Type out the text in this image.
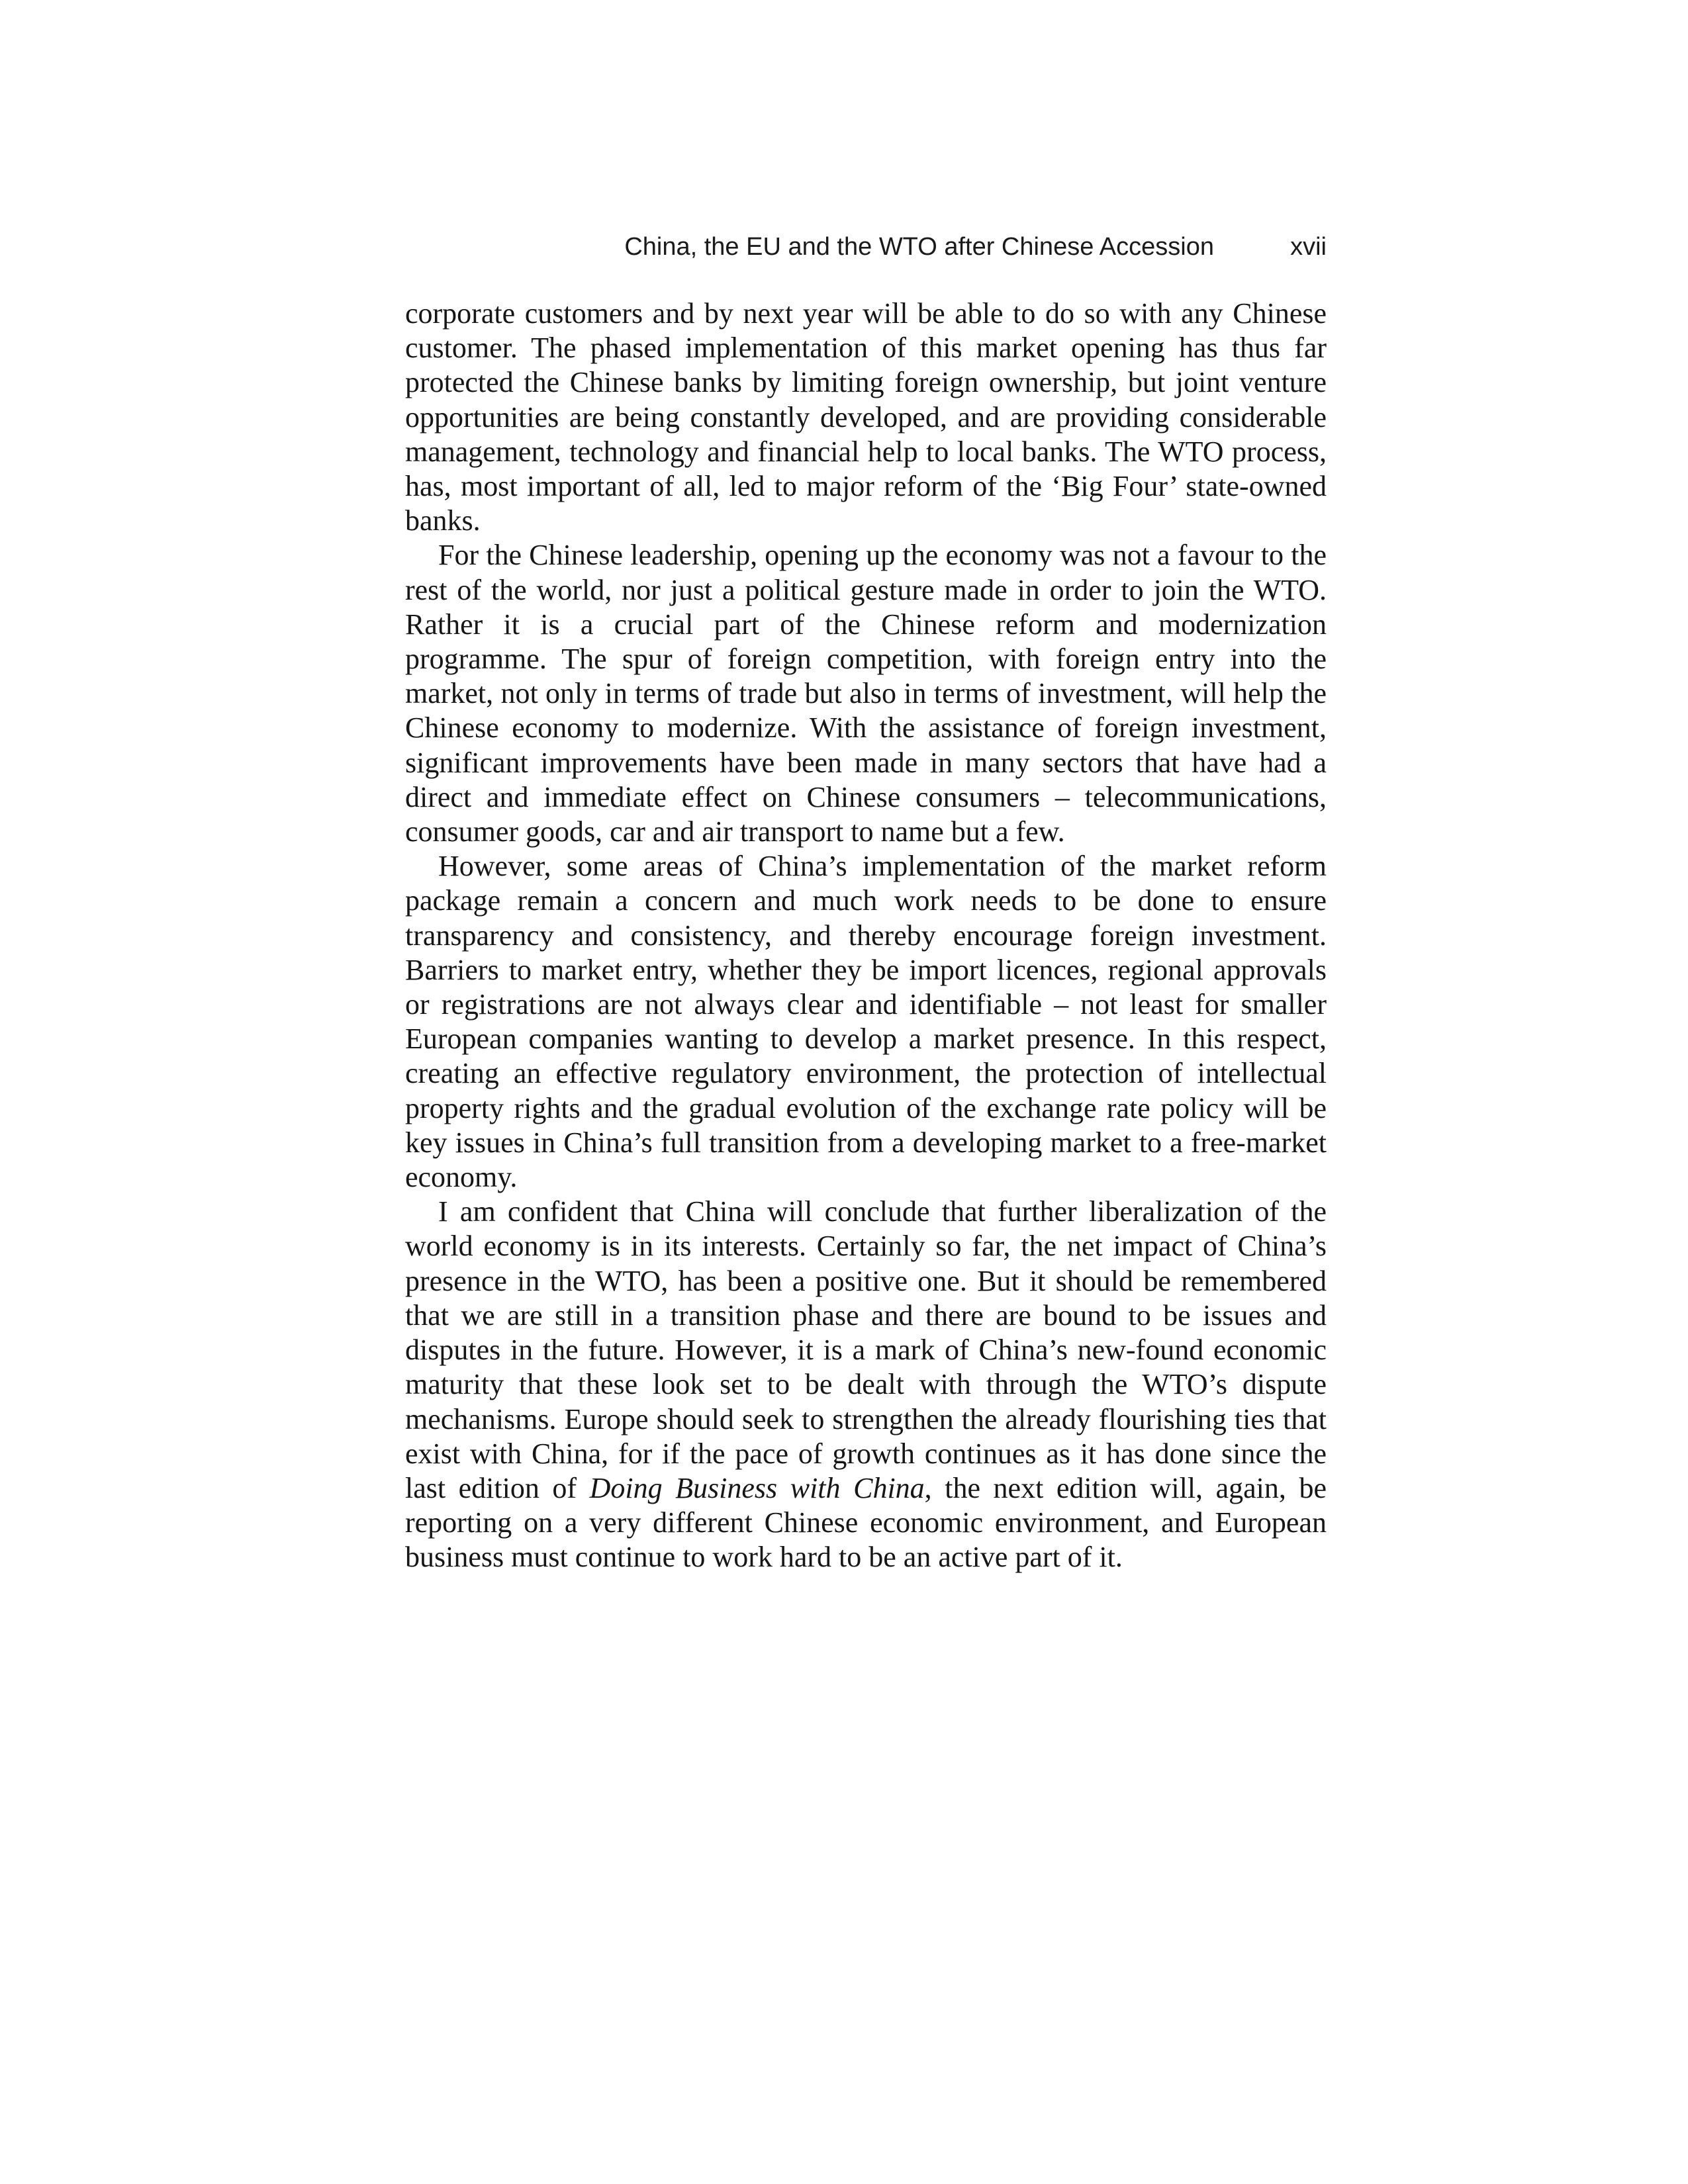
China, the EU and the WTO after Chinese Accession	xvii

corporate customers and by next year will be able to do so with any Chinese customer. The phased implementation of this market opening has thus far protected the Chinese banks by limiting foreign ownership, but joint venture opportunities are being constantly developed, and are providing considerable management, technology and financial help to local banks. The WTO process, has, most important of all, led to major reform of the ‘Big Four’ state-owned banks.

For the Chinese leadership, opening up the economy was not a favour to the rest of the world, nor just a political gesture made in order to join the WTO. Rather it is a crucial part of the Chinese reform and modernization programme. The spur of foreign competition, with foreign entry into the market, not only in terms of trade but also in terms of investment, will help the Chinese economy to modernize. With the assistance of foreign investment, significant improvements have been made in many sectors that have had a direct and immediate effect on Chinese consumers – telecommunications, consumer goods, car and air transport to name but a few.

However, some areas of China’s implementation of the market reform package remain a concern and much work needs to be done to ensure transparency and consistency, and thereby encourage foreign investment. Barriers to market entry, whether they be import licences, regional approvals or registrations are not always clear and identifiable – not least for smaller European companies wanting to develop a market presence. In this respect, creating an effective regulatory environment, the protection of intellectual property rights and the gradual evolution of the exchange rate policy will be key issues in China’s full transition from a developing market to a free-market economy.

I am confident that China will conclude that further liberalization of the world economy is in its interests. Certainly so far, the net impact of China’s presence in the WTO, has been a positive one. But it should be remembered that we are still in a transition phase and there are bound to be issues and disputes in the future. However, it is a mark of China’s new-found economic maturity that these look set to be dealt with through the WTO’s dispute mechanisms. Europe should seek to strengthen the already flourishing ties that exist with China, for if the pace of growth continues as it has done since the last edition of Doing Business with China, the next edition will, again, be reporting on a very different Chinese economic environment, and European business must continue to work hard to be an active part of it.
